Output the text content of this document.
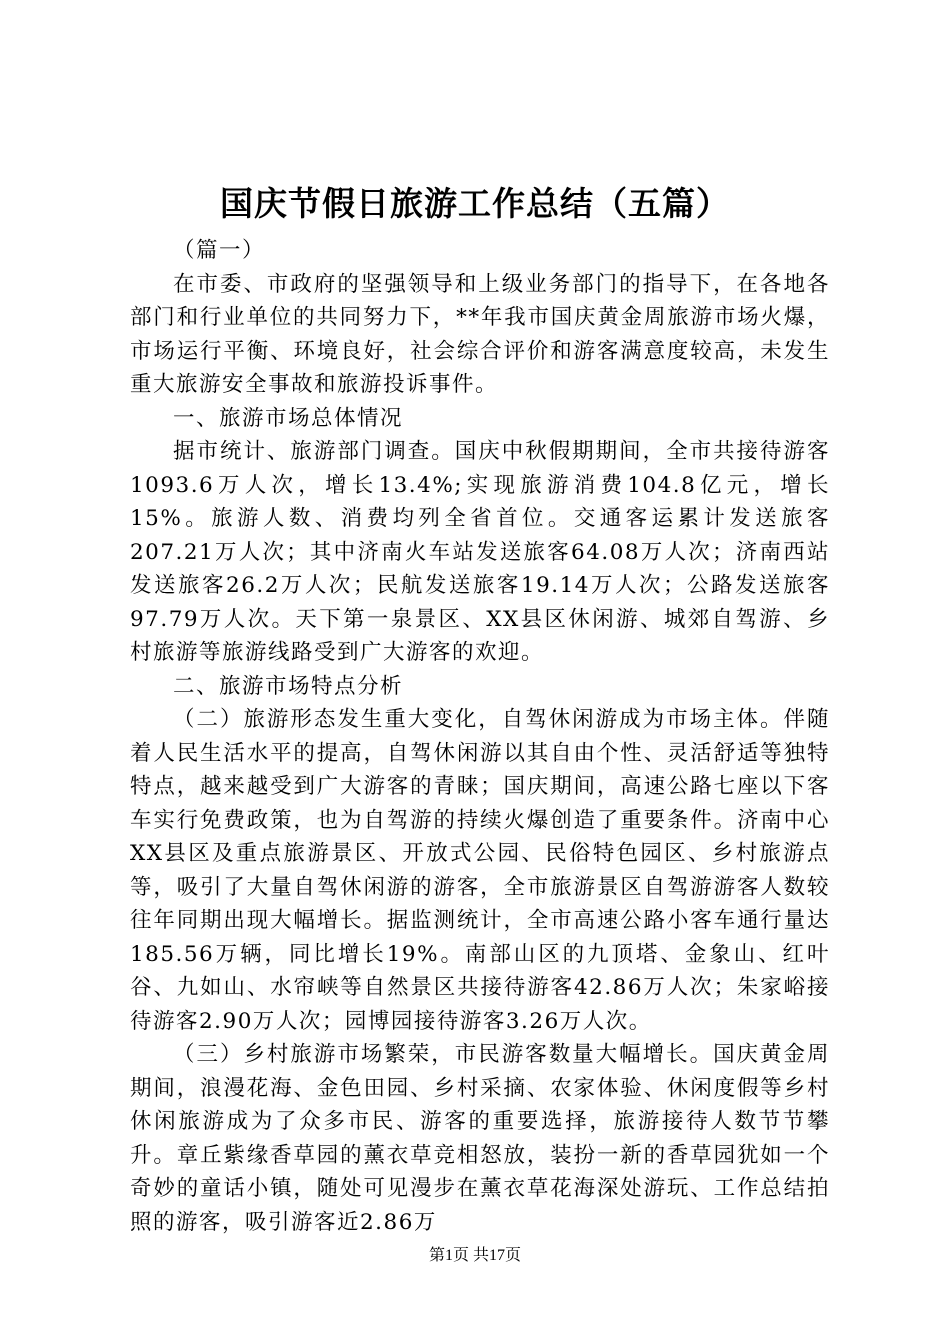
国庆节假日旅游工作总结（五篇）

（篇一）

在市委、市政府的坚强领导和上级业务部门的指导下，在各地各部门和行业单位的共同努力下，**年我市国庆黄金周旅游市场火爆，市场运行平衡、环境良好，社会综合评价和游客满意度较高，未发生重大旅游安全事故和旅游投诉事件。

一、旅游市场总体情况

据市统计、旅游部门调查。国庆中秋假期期间，全市共接待游客1093.6万人次，增长13.4%;实现旅游消费104.8亿元，增长15%。旅游人数、消费均列全省首位。交通客运累计发送旅客207.21万人次；其中济南火车站发送旅客64.08万人次；济南西站发送旅客26.2万人次；民航发送旅客19.14万人次；公路发送旅客97.79万人次。天下第一泉景区、XX县区休闲游、城郊自驾游、乡村旅游等旅游线路受到广大游客的欢迎。

二、旅游市场特点分析

（二）旅游形态发生重大变化，自驾休闲游成为市场主体。伴随着人民生活水平的提高，自驾休闲游以其自由个性、灵活舒适等独特特点，越来越受到广大游客的青睐；国庆期间，高速公路七座以下客车实行免费政策，也为自驾游的持续火爆创造了重要条件。济南中心XX县区及重点旅游景区、开放式公园、民俗特色园区、乡村旅游点等，吸引了大量自驾休闲游的游客，全市旅游景区自驾游游客人数较往年同期出现大幅增长。据监测统计，全市高速公路小客车通行量达185.56万辆，同比增长19%。南部山区的九顶塔、金象山、红叶谷、九如山、水帘峡等自然景区共接待游客42.86万人次；朱家峪接待游客2.90万人次；园博园接待游客3.26万人次。

（三）乡村旅游市场繁荣，市民游客数量大幅增长。国庆黄金周期间，浪漫花海、金色田园、乡村采摘、农家体验、休闲度假等乡村休闲旅游成为了众多市民、游客的重要选择，旅游接待人数节节攀升。章丘紫缘香草园的薰衣草竞相怒放，装扮一新的香草园犹如一个奇妙的童话小镇，随处可见漫步在薰衣草花海深处游玩、工作总结拍照的游客，吸引游客近2.86万

第1页 共17页
